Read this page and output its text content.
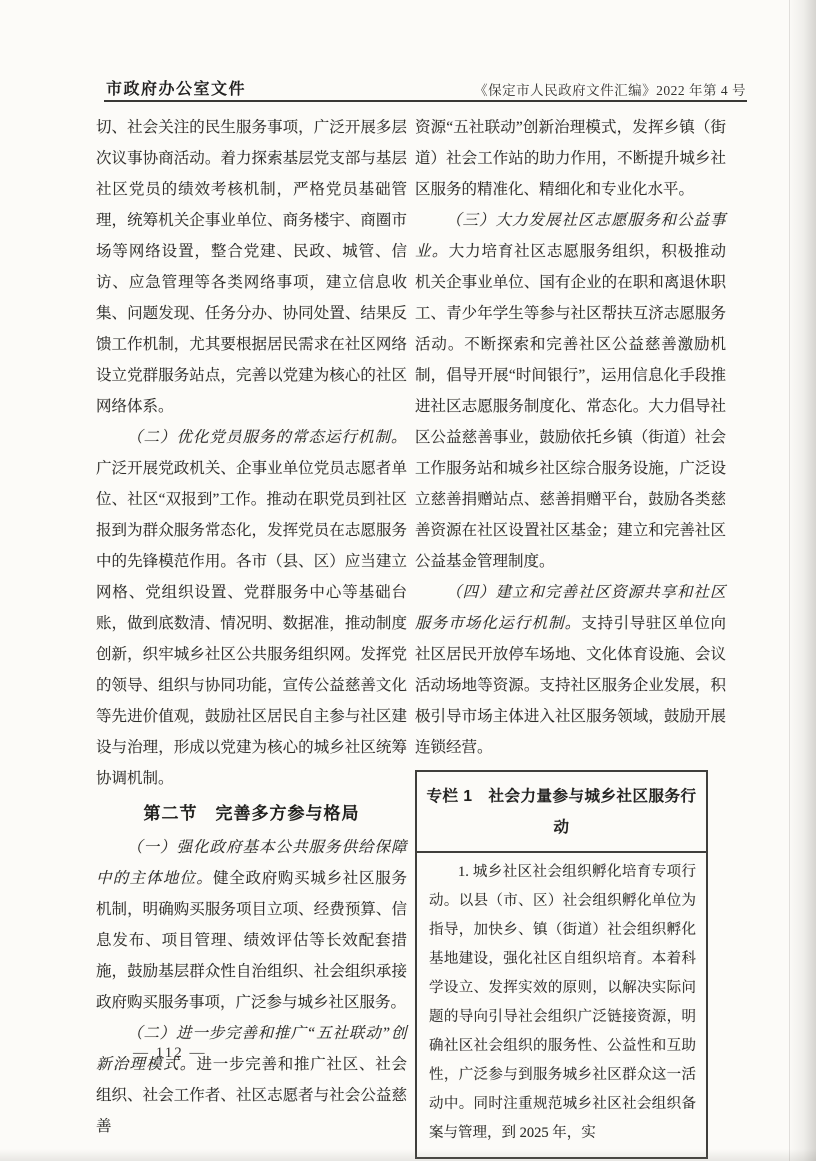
市政府办公室文件	《保定市人民政府文件汇编》2022 年第 4 号

切、社会关注的民生服务事项，广泛开展多层次议事协商活动。着力探索基层党支部与基层社区党员的绩效考核机制，严格党员基础管理，统筹机关企事业单位、商务楼宇、商圈市场等网络设置，整合党建、民政、城管、信访、应急管理等各类网络事项，建立信息收集、问题发现、任务分办、协同处置、结果反馈工作机制，尤其要根据居民需求在社区网络设立党群服务站点，完善以党建为核心的社区网络体系。

（二）优化党员服务的常态运行机制。广泛开展党政机关、企事业单位党员志愿者单位、社区“双报到”工作。推动在职党员到社区报到为群众服务常态化，发挥党员在志愿服务中的先锋模范作用。各市（县、区）应当建立网格、党组织设置、党群服务中心等基础台账，做到底数清、情况明、数据准，推动制度创新，织牢城乡社区公共服务组织网。发挥党的领导、组织与协同功能，宣传公益慈善文化等先进价值观，鼓励社区居民自主参与社区建设与治理，形成以党建为核心的城乡社区统筹协调机制。

第二节　完善多方参与格局

（一）强化政府基本公共服务供给保障中的主体地位。健全政府购买城乡社区服务机制，明确购买服务项目立项、经费预算、信息发布、项目管理、绩效评估等长效配套措施，鼓励基层群众性自治组织、社会组织承接政府购买服务事项，广泛参与城乡社区服务。

（二）进一步完善和推广“五社联动”创新治理模式。进一步完善和推广社区、社会组织、社会工作者、社区志愿者与社会公益慈善

资源“五社联动”创新治理模式，发挥乡镇（街道）社会工作站的助力作用，不断提升城乡社区服务的精准化、精细化和专业化水平。

（三）大力发展社区志愿服务和公益事业。大力培育社区志愿服务组织，积极推动机关企事业单位、国有企业的在职和离退休职工、青少年学生等参与社区帮扶互济志愿服务活动。不断探索和完善社区公益慈善激励机制，倡导开展“时间银行”，运用信息化手段推进社区志愿服务制度化、常态化。大力倡导社区公益慈善事业，鼓励依托乡镇（街道）社会工作服务站和城乡社区综合服务设施，广泛设立慈善捐赠站点、慈善捐赠平台，鼓励各类慈善资源在社区设置社区基金；建立和完善社区公益基金管理制度。

（四）建立和完善社区资源共享和社区服务市场化运行机制。支持引导驻区单位向社区居民开放停车场地、文化体育设施、会议活动场地等资源。支持社区服务企业发展，积极引导市场主体进入社区服务领域，鼓励开展连锁经营。

专栏 1　社会力量参与城乡社区服务行动

1. 城乡社区社会组织孵化培育专项行动。以县（市、区）社会组织孵化单位为指导，加快乡、镇（街道）社会组织孵化基地建设，强化社区自组织培育。本着科学设立、发挥实效的原则，以解决实际问题的导向引导社会组织广泛链接资源，明确社区社会组织的服务性、公益性和互助性，广泛参与到服务城乡社区群众这一活动中。同时注重规范城乡社区社会组织备案与管理，到 2025 年，实

— 112 —
